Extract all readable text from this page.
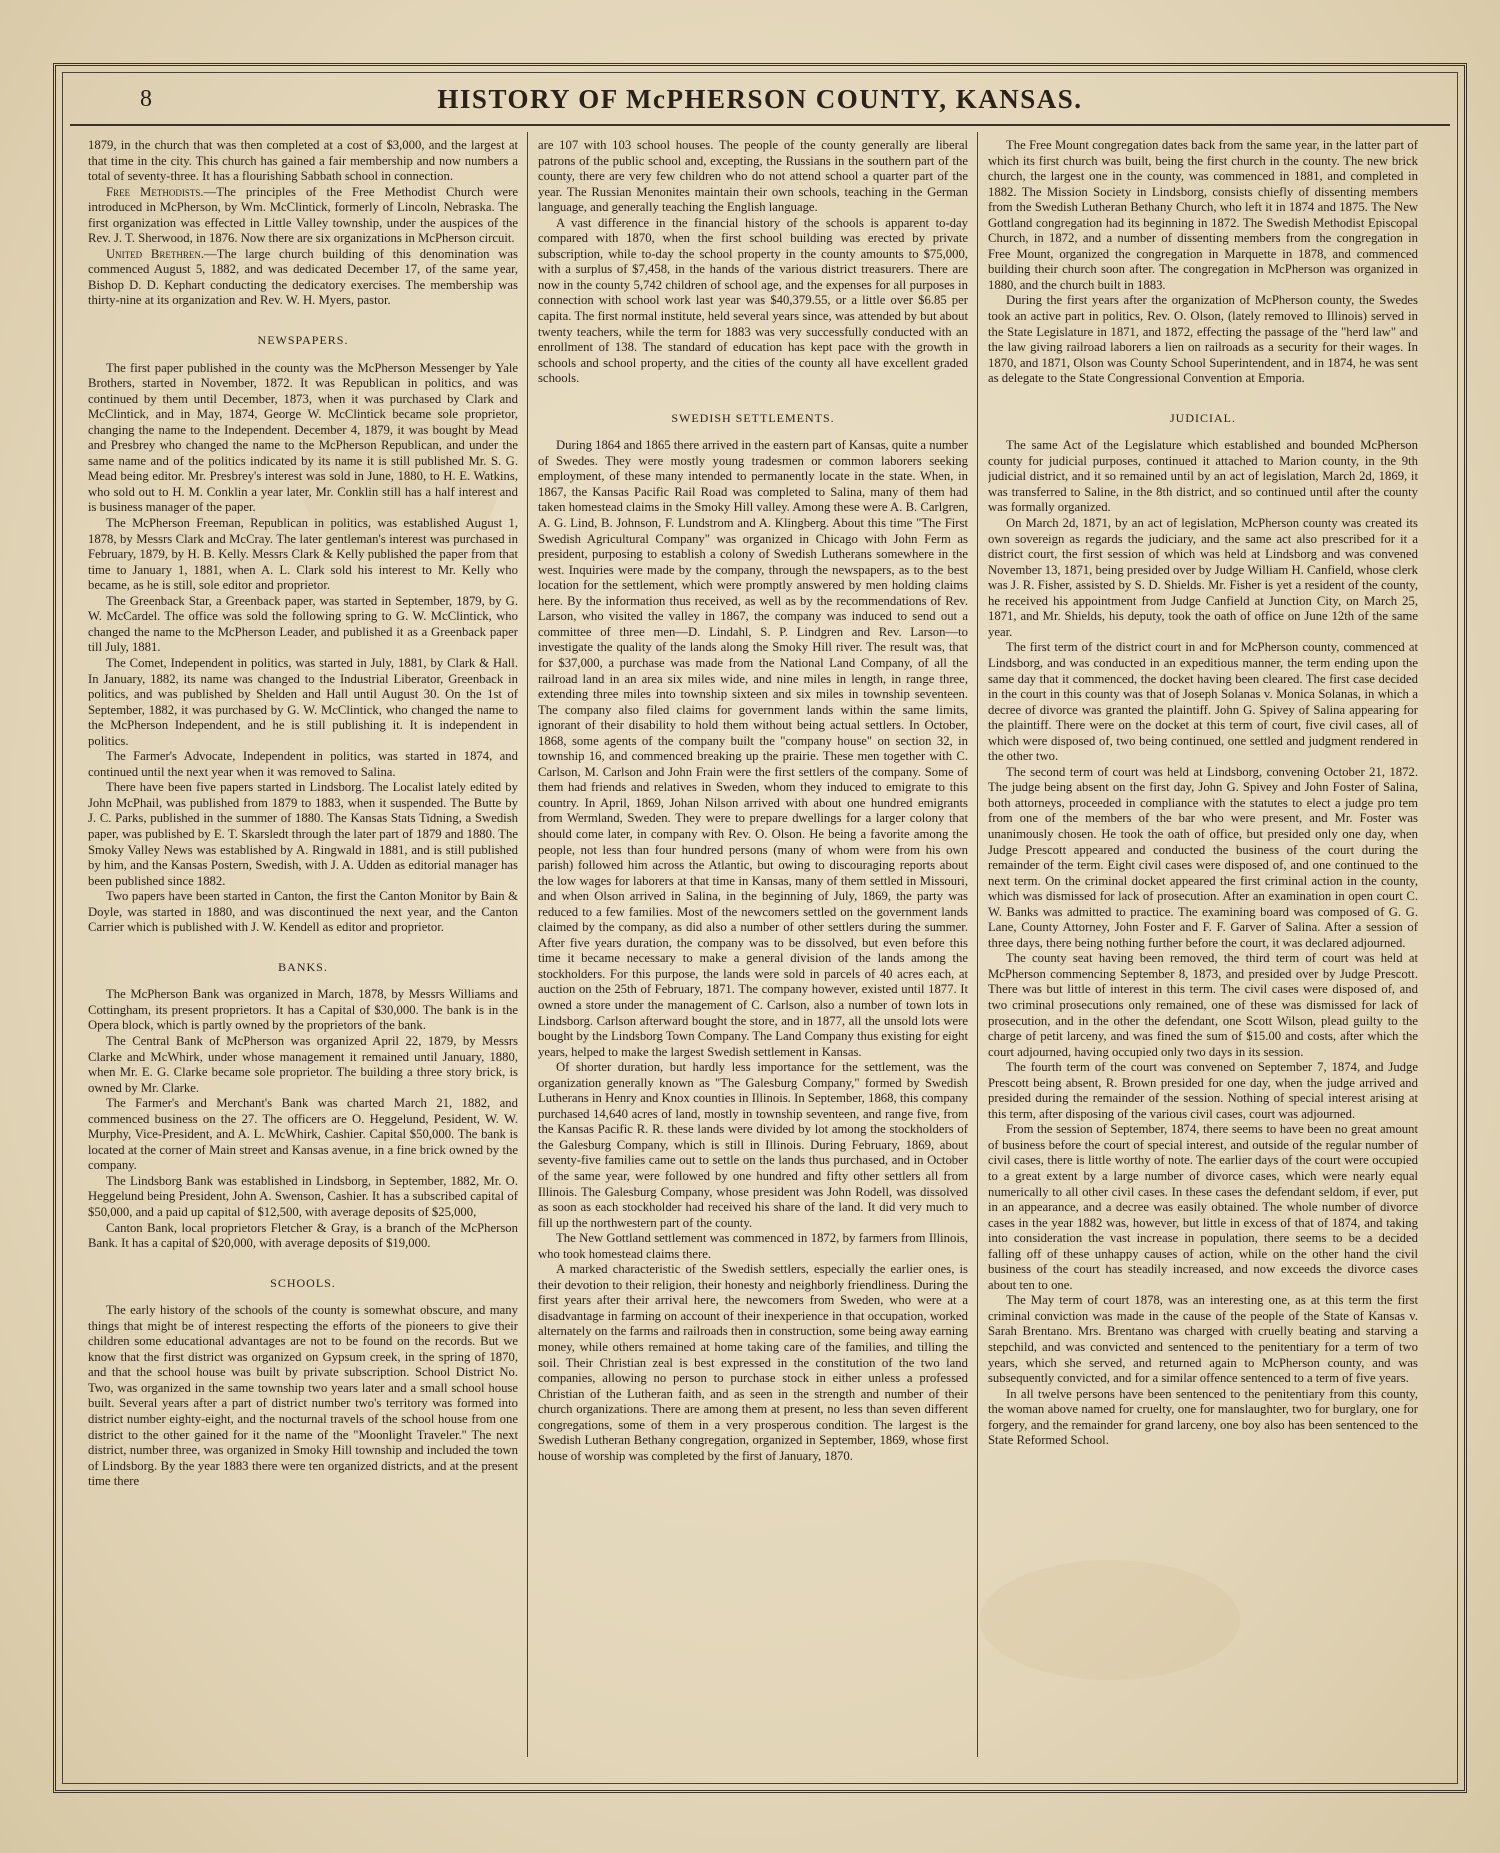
8	HISTORY OF McPHERSON COUNTY, KANSAS.

1879, in the church that was then completed at a cost of $3,000, and the largest at that time in the city. This church has gained a fair membership and now numbers a total of seventy-three. It has a flourishing Sabbath school in connection.

Free Methodists.—The principles of the Free Methodist Church were introduced in McPherson, by Wm. McClintick, formerly of Lincoln, Nebraska. The first organization was effected in Little Valley township, under the auspices of the Rev. J. T. Sherwood, in 1876. Now there are six organizations in McPherson circuit.

United Brethren.—The large church building of this denomination was commenced August 5, 1882, and was dedicated December 17, of the same year, Bishop D. D. Kephart conducting the dedicatory exercises. The membership was thirty-nine at its organization and Rev. W. H. Myers, pastor.

NEWSPAPERS.

The first paper published in the county was the McPherson Messenger by Yale Brothers, started in November, 1872. It was Republican in politics, and was continued by them until December, 1873, when it was purchased by Clark and McClintick, and in May, 1874, George W. McClintick became sole proprietor, changing the name to the Independent. December 4, 1879, it was bought by Mead and Presbrey who changed the name to the McPherson Republican, and under the same name and of the politics indicated by its name it is still published Mr. S. G. Mead being editor. Mr. Presbrey's interest was sold in June, 1880, to H. E. Watkins, who sold out to H. M. Conklin a year later, Mr. Conklin still has a half interest and is business manager of the paper.

The McPherson Freeman, Republican in politics, was established August 1, 1878, by Messrs Clark and McCray. The later gentleman's interest was purchased in February, 1879, by H. B. Kelly. Messrs Clark & Kelly published the paper from that time to January 1, 1881, when A. L. Clark sold his interest to Mr. Kelly who became, as he is still, sole editor and proprietor.

The Greenback Star, a Greenback paper, was started in September, 1879, by G. W. McCardel. The office was sold the following spring to G. W. McClintick, who changed the name to the McPherson Leader, and published it as a Greenback paper till July, 1881.

The Comet, Independent in politics, was started in July, 1881, by Clark & Hall. In January, 1882, its name was changed to the Industrial Liberator, Greenback in politics, and was published by Shelden and Hall until August 30. On the 1st of September, 1882, it was purchased by G. W. McClintick, who changed the name to the McPherson Independent, and he is still publishing it. It is independent in politics.

The Farmer's Advocate, Independent in politics, was started in 1874, and continued until the next year when it was removed to Salina.

There have been five papers started in Lindsborg. The Localist lately edited by John McPhail, was published from 1879 to 1883, when it suspended. The Butte by J. C. Parks, published in the summer of 1880. The Kansas Stats Tidning, a Swedish paper, was published by E. T. Skarsledt through the later part of 1879 and 1880. The Smoky Valley News was established by A. Ringwald in 1881, and is still published by him, and the Kansas Postern, Swedish, with J. A. Udden as editorial manager has been published since 1882.

Two papers have been started in Canton, the first the Canton Monitor by Bain & Doyle, was started in 1880, and was discontinued the next year, and the Canton Carrier which is published with J. W. Kendell as editor and proprietor.

BANKS.

The McPherson Bank was organized in March, 1878, by Messrs Williams and Cottingham, its present proprietors. It has a Capital of $30,000. The bank is in the Opera block, which is partly owned by the proprietors of the bank.

The Central Bank of McPherson was organized April 22, 1879, by Messrs Clarke and McWhirk, under whose management it remained until January, 1880, when Mr. E. G. Clarke became sole proprietor. The building a three story brick, is owned by Mr. Clarke.

The Farmer's and Merchant's Bank was charted March 21, 1882, and commenced business on the 27. The officers are O. Heggelund, Pesident, W. W. Murphy, Vice-President, and A. L. McWhirk, Cashier. Capital $50,000. The bank is located at the corner of Main street and Kansas avenue, in a fine brick owned by the company.

The Lindsborg Bank was established in Lindsborg, in September, 1882, Mr. O. Heggelund being President, John A. Swenson, Cashier. It has a subscribed capital of $50,000, and a paid up capital of $12,500, with average deposits of $25,000,

Canton Bank, local proprietors Fletcher & Gray, is a branch of the McPherson Bank. It has a capital of $20,000, with average deposits of $19,000.

SCHOOLS.

The early history of the schools of the county is somewhat obscure, and many things that might be of interest respecting the efforts of the pioneers to give their children some educational advantages are not to be found on the records. But we know that the first district was organized on Gypsum creek, in the spring of 1870, and that the school house was built by private subscription. School District No. Two, was organized in the same township two years later and a small school house built. Several years after a part of district number two's territory was formed into district number eighty-eight, and the nocturnal travels of the school house from one district to the other gained for it the name of the "Moonlight Traveler." The next district, number three, was organized in Smoky Hill township and included the town of Lindsborg. By the year 1883 there were ten organized districts, and at the present time there

are 107 with 103 school houses. The people of the county generally are liberal patrons of the public school and, excepting, the Russians in the southern part of the county, there are very few children who do not attend school a quarter part of the year. The Russian Menonites maintain their own schools, teaching in the German language, and generally teaching the English language.

A vast difference in the financial history of the schools is apparent to-day compared with 1870, when the first school building was erected by private subscription, while to-day the school property in the county amounts to $75,000, with a surplus of $7,458, in the hands of the various district treasurers. There are now in the county 5,742 children of school age, and the expenses for all purposes in connection with school work last year was $40,379.55, or a little over $6.85 per capita. The first normal institute, held several years since, was attended by but about twenty teachers, while the term for 1883 was very successfully conducted with an enrollment of 138. The standard of education has kept pace with the growth in schools and school property, and the cities of the county all have excellent graded schools.

SWEDISH SETTLEMENTS.

During 1864 and 1865 there arrived in the eastern part of Kansas, quite a number of Swedes. They were mostly young tradesmen or common laborers seeking employment, of these many intended to permanently locate in the state. When, in 1867, the Kansas Pacific Rail Road was completed to Salina, many of them had taken homestead claims in the Smoky Hill valley. Among these were A. B. Carlgren, A. G. Lind, B. Johnson, F. Lundstrom and A. Klingberg. About this time "The First Swedish Agricultural Company" was organized in Chicago with John Ferm as president, purposing to establish a colony of Swedish Lutherans somewhere in the west. Inquiries were made by the company, through the newspapers, as to the best location for the settlement, which were promptly answered by men holding claims here. By the information thus received, as well as by the recommendations of Rev. Larson, who visited the valley in 1867, the company was induced to send out a committee of three men—D. Lindahl, S. P. Lindgren and Rev. Larson—to investigate the quality of the lands along the Smoky Hill river. The result was, that for $37,000, a purchase was made from the National Land Company, of all the railroad land in an area six miles wide, and nine miles in length, in range three, extending three miles into township sixteen and six miles in township seventeen. The company also filed claims for government lands within the same limits, ignorant of their disability to hold them without being actual settlers. In October, 1868, some agents of the company built the "company house" on section 32, in township 16, and commenced breaking up the prairie. These men together with C. Carlson, M. Carlson and John Frain were the first settlers of the company. Some of them had friends and relatives in Sweden, whom they induced to emigrate to this country. In April, 1869, Johan Nilson arrived with about one hundred emigrants from Wermland, Sweden. They were to prepare dwellings for a larger colony that should come later, in company with Rev. O. Olson. He being a favorite among the people, not less than four hundred persons (many of whom were from his own parish) followed him across the Atlantic, but owing to discouraging reports about the low wages for laborers at that time in Kansas, many of them settled in Missouri, and when Olson arrived in Salina, in the beginning of July, 1869, the party was reduced to a few families. Most of the newcomers settled on the government lands claimed by the company, as did also a number of other settlers during the summer. After five years duration, the company was to be dissolved, but even before this time it became necessary to make a general division of the lands among the stockholders. For this purpose, the lands were sold in parcels of 40 acres each, at auction on the 25th of February, 1871. The company however, existed until 1877. It owned a store under the management of C. Carlson, also a number of town lots in Lindsborg. Carlson afterward bought the store, and in 1877, all the unsold lots were bought by the Lindsborg Town Company. The Land Company thus existing for eight years, helped to make the largest Swedish settlement in Kansas.

Of shorter duration, but hardly less importance for the settlement, was the organization generally known as "The Galesburg Company," formed by Swedish Lutherans in Henry and Knox counties in Illinois. In September, 1868, this company purchased 14,640 acres of land, mostly in township seventeen, and range five, from the Kansas Pacific R. R. these lands were divided by lot among the stockholders of the Galesburg Company, which is still in Illinois. During February, 1869, about seventy-five families came out to settle on the lands thus purchased, and in October of the same year, were followed by one hundred and fifty other settlers all from Illinois. The Galesburg Company, whose president was John Rodell, was dissolved as soon as each stockholder had received his share of the land. It did very much to fill up the northwestern part of the county.

The New Gottland settlement was commenced in 1872, by farmers from Illinois, who took homestead claims there.

A marked characteristic of the Swedish settlers, especially the earlier ones, is their devotion to their religion, their honesty and neighborly friendliness. During the first years after their arrival here, the newcomers from Sweden, who were at a disadvantage in farming on account of their inexperience in that occupation, worked alternately on the farms and railroads then in construction, some being away earning money, while others remained at home taking care of the families, and tilling the soil. Their Christian zeal is best expressed in the constitution of the two land companies, allowing no person to purchase stock in either unless a professed Christian of the Lutheran faith, and as seen in the strength and number of their church organizations. There are among them at present, no less than seven different congregations, some of them in a very prosperous condition. The largest is the Swedish Lutheran Bethany congregation, organized in September, 1869, whose first house of worship was completed by the first of January, 1870.

The Free Mount congregation dates back from the same year, in the latter part of which its first church was built, being the first church in the county. The new brick church, the largest one in the county, was commenced in 1881, and completed in 1882. The Mission Society in Lindsborg, consists chiefly of dissenting members from the Swedish Lutheran Bethany Church, who left it in 1874 and 1875. The New Gottland congregation had its beginning in 1872. The Swedish Methodist Episcopal Church, in 1872, and a number of dissenting members from the congregation in Free Mount, organized the congregation in Marquette in 1878, and commenced building their church soon after. The congregation in McPherson was organized in 1880, and the church built in 1883.

During the first years after the organization of McPherson county, the Swedes took an active part in politics, Rev. O. Olson, (lately removed to Illinois) served in the State Legislature in 1871, and 1872, effecting the passage of the "herd law" and the law giving railroad laborers a lien on railroads as a security for their wages. In 1870, and 1871, Olson was County School Superintendent, and in 1874, he was sent as delegate to the State Congressional Convention at Emporia.

JUDICIAL.

The same Act of the Legislature which established and bounded McPherson county for judicial purposes, continued it attached to Marion county, in the 9th judicial district, and it so remained until by an act of legislation, March 2d, 1869, it was transferred to Saline, in the 8th district, and so continued until after the county was formally organized.

On March 2d, 1871, by an act of legislation, McPherson county was created its own sovereign as regards the judiciary, and the same act also prescribed for it a district court, the first session of which was held at Lindsborg and was convened November 13, 1871, being presided over by Judge William H. Canfield, whose clerk was J. R. Fisher, assisted by S. D. Shields. Mr. Fisher is yet a resident of the county, he received his appointment from Judge Canfield at Junction City, on March 25, 1871, and Mr. Shields, his deputy, took the oath of office on June 12th of the same year.

The first term of the district court in and for McPherson county, commenced at Lindsborg, and was conducted in an expeditious manner, the term ending upon the same day that it commenced, the docket having been cleared. The first case decided in the court in this county was that of Joseph Solanas v. Monica Solanas, in which a decree of divorce was granted the plaintiff. John G. Spivey of Salina appearing for the plaintiff. There were on the docket at this term of court, five civil cases, all of which were disposed of, two being continued, one settled and judgment rendered in the other two.

The second term of court was held at Lindsborg, convening October 21, 1872. The judge being absent on the first day, John G. Spivey and John Foster of Salina, both attorneys, proceeded in compliance with the statutes to elect a judge pro tem from one of the members of the bar who were present, and Mr. Foster was unanimously chosen. He took the oath of office, but presided only one day, when Judge Prescott appeared and conducted the business of the court during the remainder of the term. Eight civil cases were disposed of, and one continued to the next term. On the criminal docket appeared the first criminal action in the county, which was dismissed for lack of prosecution. After an examination in open court C. W. Banks was admitted to practice. The examining board was composed of G. G. Lane, County Attorney, John Foster and F. F. Garver of Salina. After a session of three days, there being nothing further before the court, it was declared adjourned.

The county seat having been removed, the third term of court was held at McPherson commencing September 8, 1873, and presided over by Judge Prescott. There was but little of interest in this term. The civil cases were disposed of, and two criminal prosecutions only remained, one of these was dismissed for lack of prosecution, and in the other the defendant, one Scott Wilson, plead guilty to the charge of petit larceny, and was fined the sum of $15.00 and costs, after which the court adjourned, having occupied only two days in its session.

The fourth term of the court was convened on September 7, 1874, and Judge Prescott being absent, R. Brown presided for one day, when the judge arrived and presided during the remainder of the session. Nothing of special interest arising at this term, after disposing of the various civil cases, court was adjourned.

From the session of September, 1874, there seems to have been no great amount of business before the court of special interest, and outside of the regular number of civil cases, there is little worthy of note. The earlier days of the court were occupied to a great extent by a large number of divorce cases, which were nearly equal numerically to all other civil cases. In these cases the defendant seldom, if ever, put in an appearance, and a decree was easily obtained. The whole number of divorce cases in the year 1882 was, however, but little in excess of that of 1874, and taking into consideration the vast increase in population, there seems to be a decided falling off of these unhappy causes of action, while on the other hand the civil business of the court has steadily increased, and now exceeds the divorce cases about ten to one.

The May term of court 1878, was an interesting one, as at this term the first criminal conviction was made in the cause of the people of the State of Kansas v. Sarah Brentano. Mrs. Brentano was charged with cruelly beating and starving a stepchild, and was convicted and sentenced to the penitentiary for a term of two years, which she served, and returned again to McPherson county, and was subsequently convicted, and for a similar offence sentenced to a term of five years.

In all twelve persons have been sentenced to the penitentiary from this county, the woman above named for cruelty, one for manslaughter, two for burglary, one for forgery, and the remainder for grand larceny, one boy also has been sentenced to the State Reformed School.
